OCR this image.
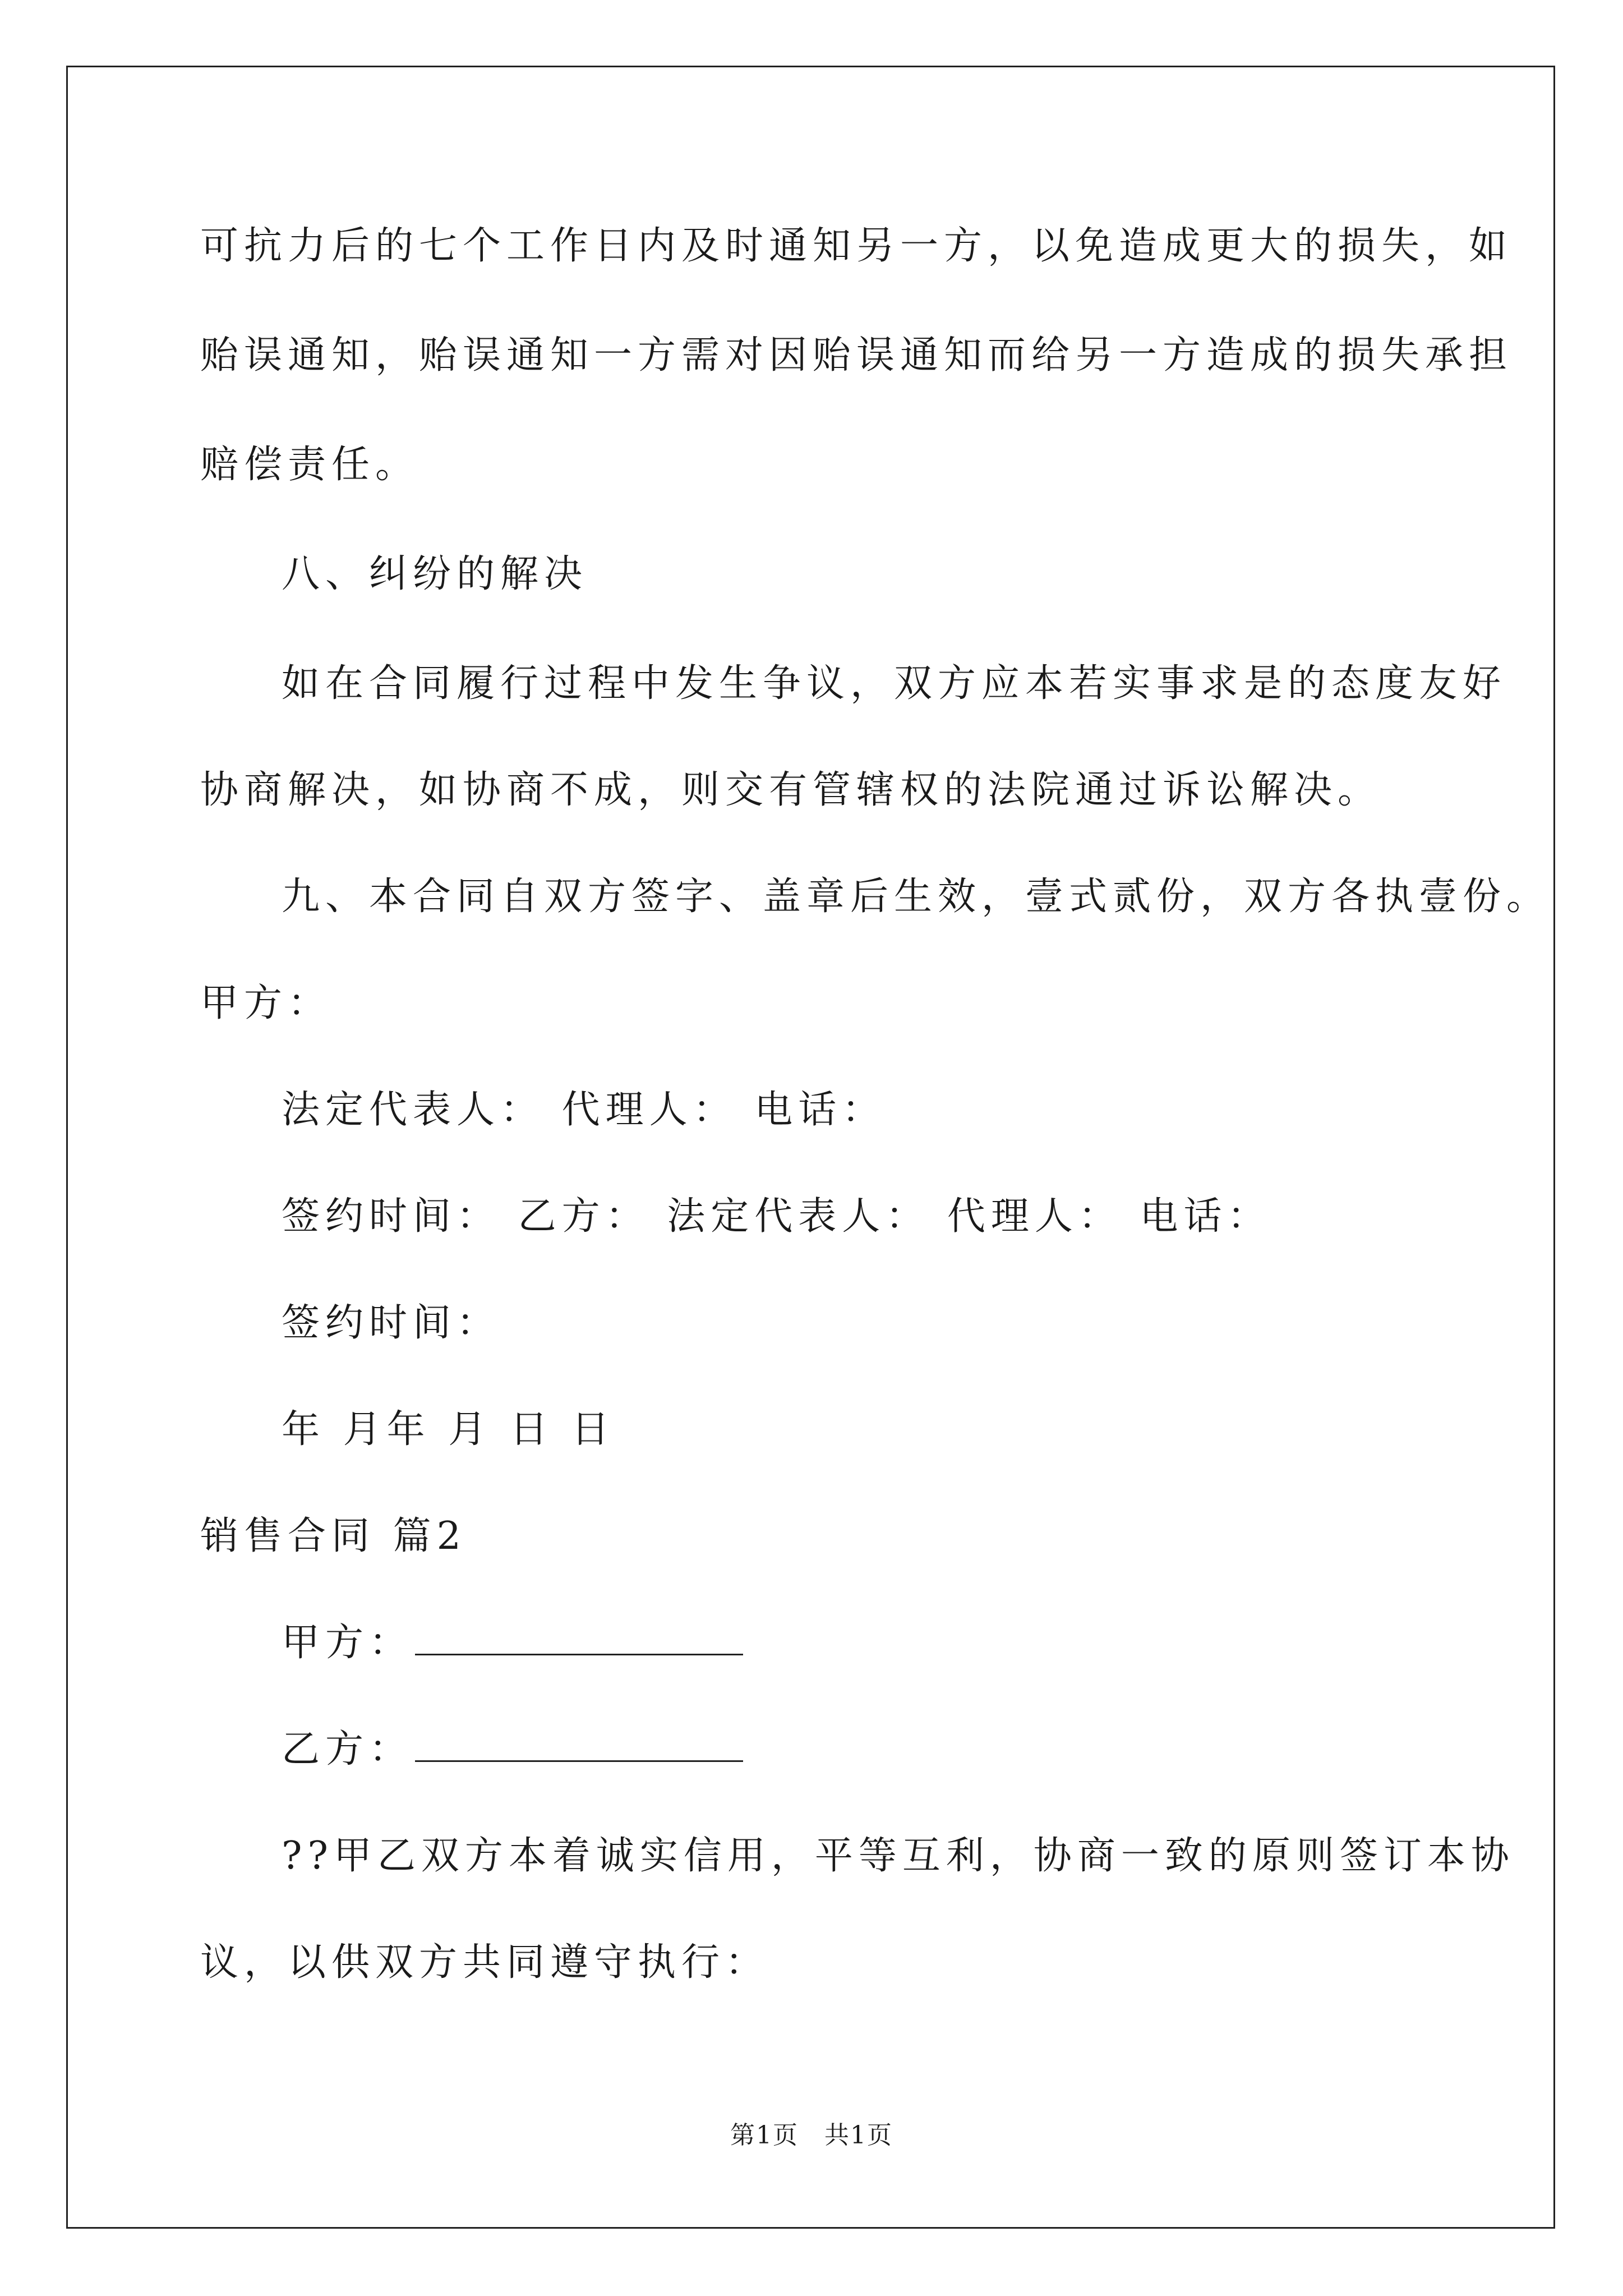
可抗力后的七个工作日内及时通知另一方，以免造成更大的损失，如
贻误通知，贻误通知一方需对因贻误通知而给另一方造成的损失承担
赔偿责任。
八、纠纷的解决
如在合同履行过程中发生争议，双方应本若实事求是的态度友好
协商解决，如协商不成，则交有管辖权的法院通过诉讼解决。
九、本合同自双方签字、盖章后生效，壹式贰份，双方各执壹份。
甲方：
法定代表人： 代理人： 电话：
签约时间： 乙方： 法定代表人： 代理人： 电话：
签约时间：
年 月年 月 日 日
销售合同 篇2
甲方：
乙方：
??甲乙双方本着诚实信用，平等互利，协商一致的原则签订本协
议，以供双方共同遵守执行：
第1页 共1页
